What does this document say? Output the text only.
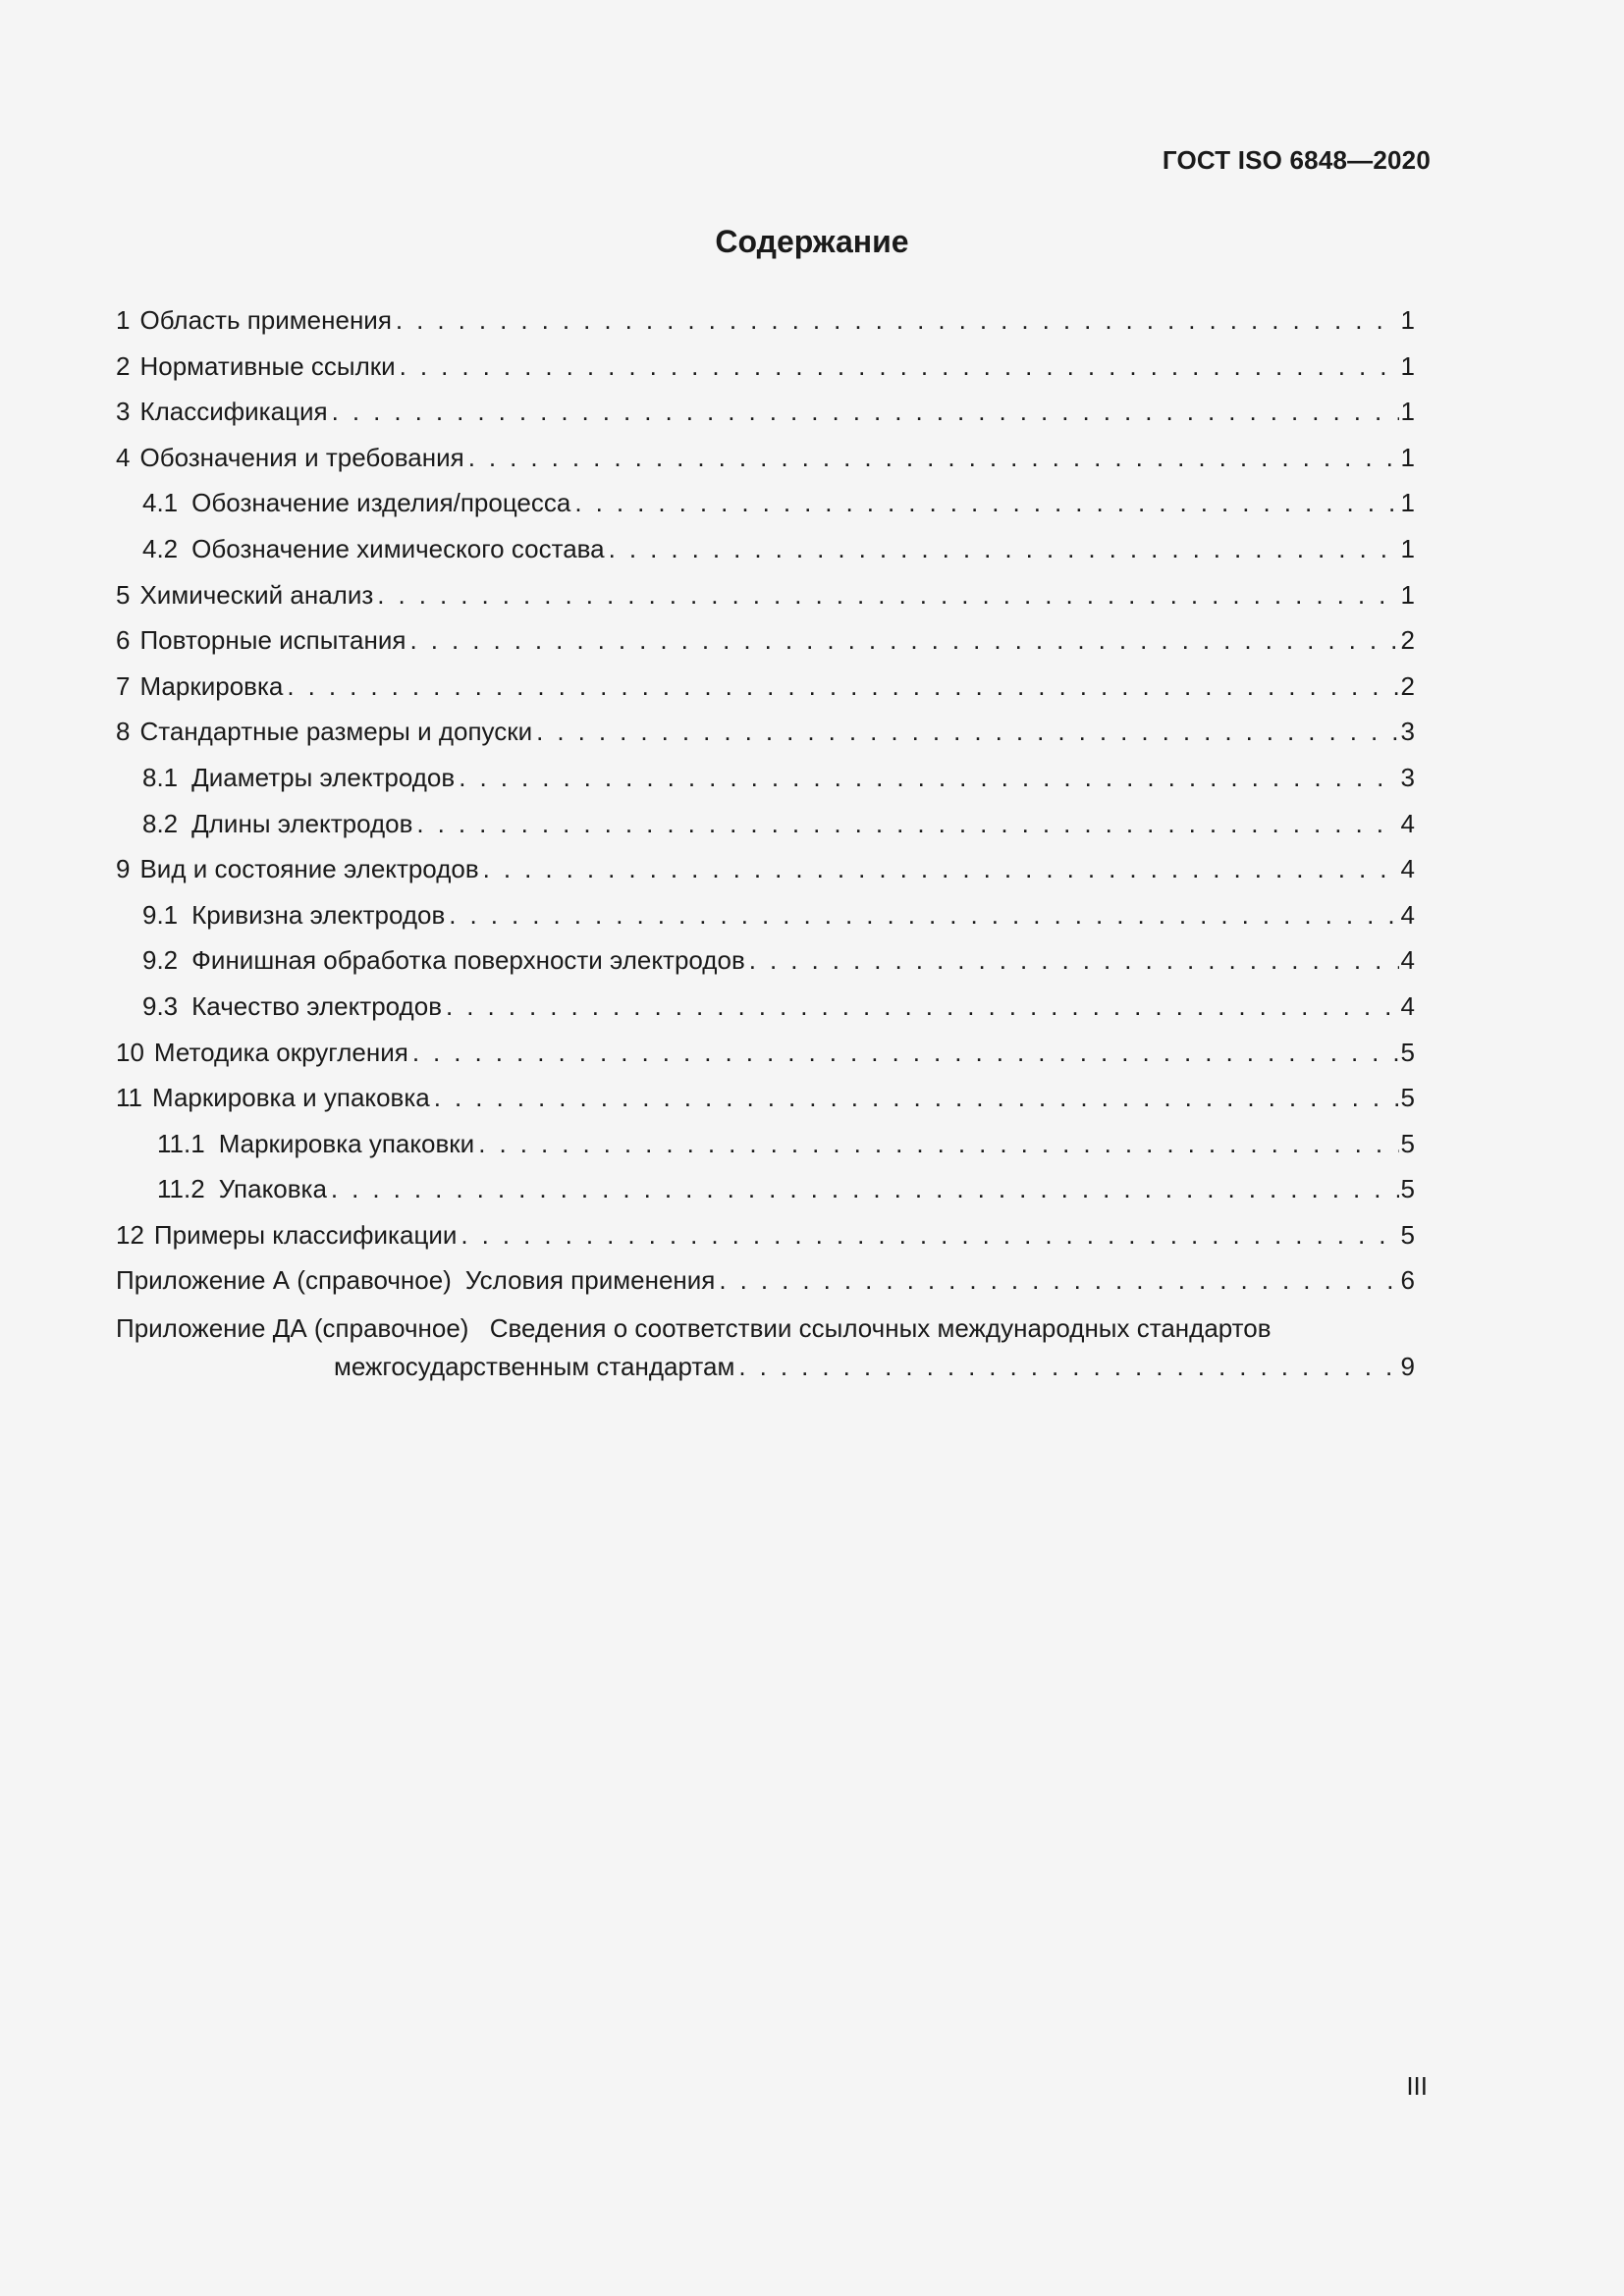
ГОСТ ISO 6848—2020
Содержание
1 Область применения . . .	1
2 Нормативные ссылки . . .	1
3 Классификация . . .	1
4 Обозначения и требования . . .	1
4.1 Обозначение изделия/процесса . . .	1
4.2 Обозначение химического состава . . .	1
5 Химический анализ . . .	1
6 Повторные испытания . . .	2
7 Маркировка . . .	2
8 Стандартные размеры и допуски . . .	3
8.1 Диаметры электродов . . .	3
8.2 Длины электродов . . .	4
9 Вид и состояние электродов . . .	4
9.1 Кривизна электродов . . .	4
9.2 Финишная обработка поверхности электродов . . .	4
9.3 Качество электродов . . .	4
10 Методика округления . . .	5
11 Маркировка и упаковка . . .	5
11.1 Маркировка упаковки . . .	5
11.2 Упаковка . . .	5
12 Примеры классификации . . .	5
Приложение А (справочное) Условия применения . . .	6
Приложение ДА (справочное) Сведения о соответствии ссылочных международных стандартов
межгосударственным стандартам . . .	9
III
